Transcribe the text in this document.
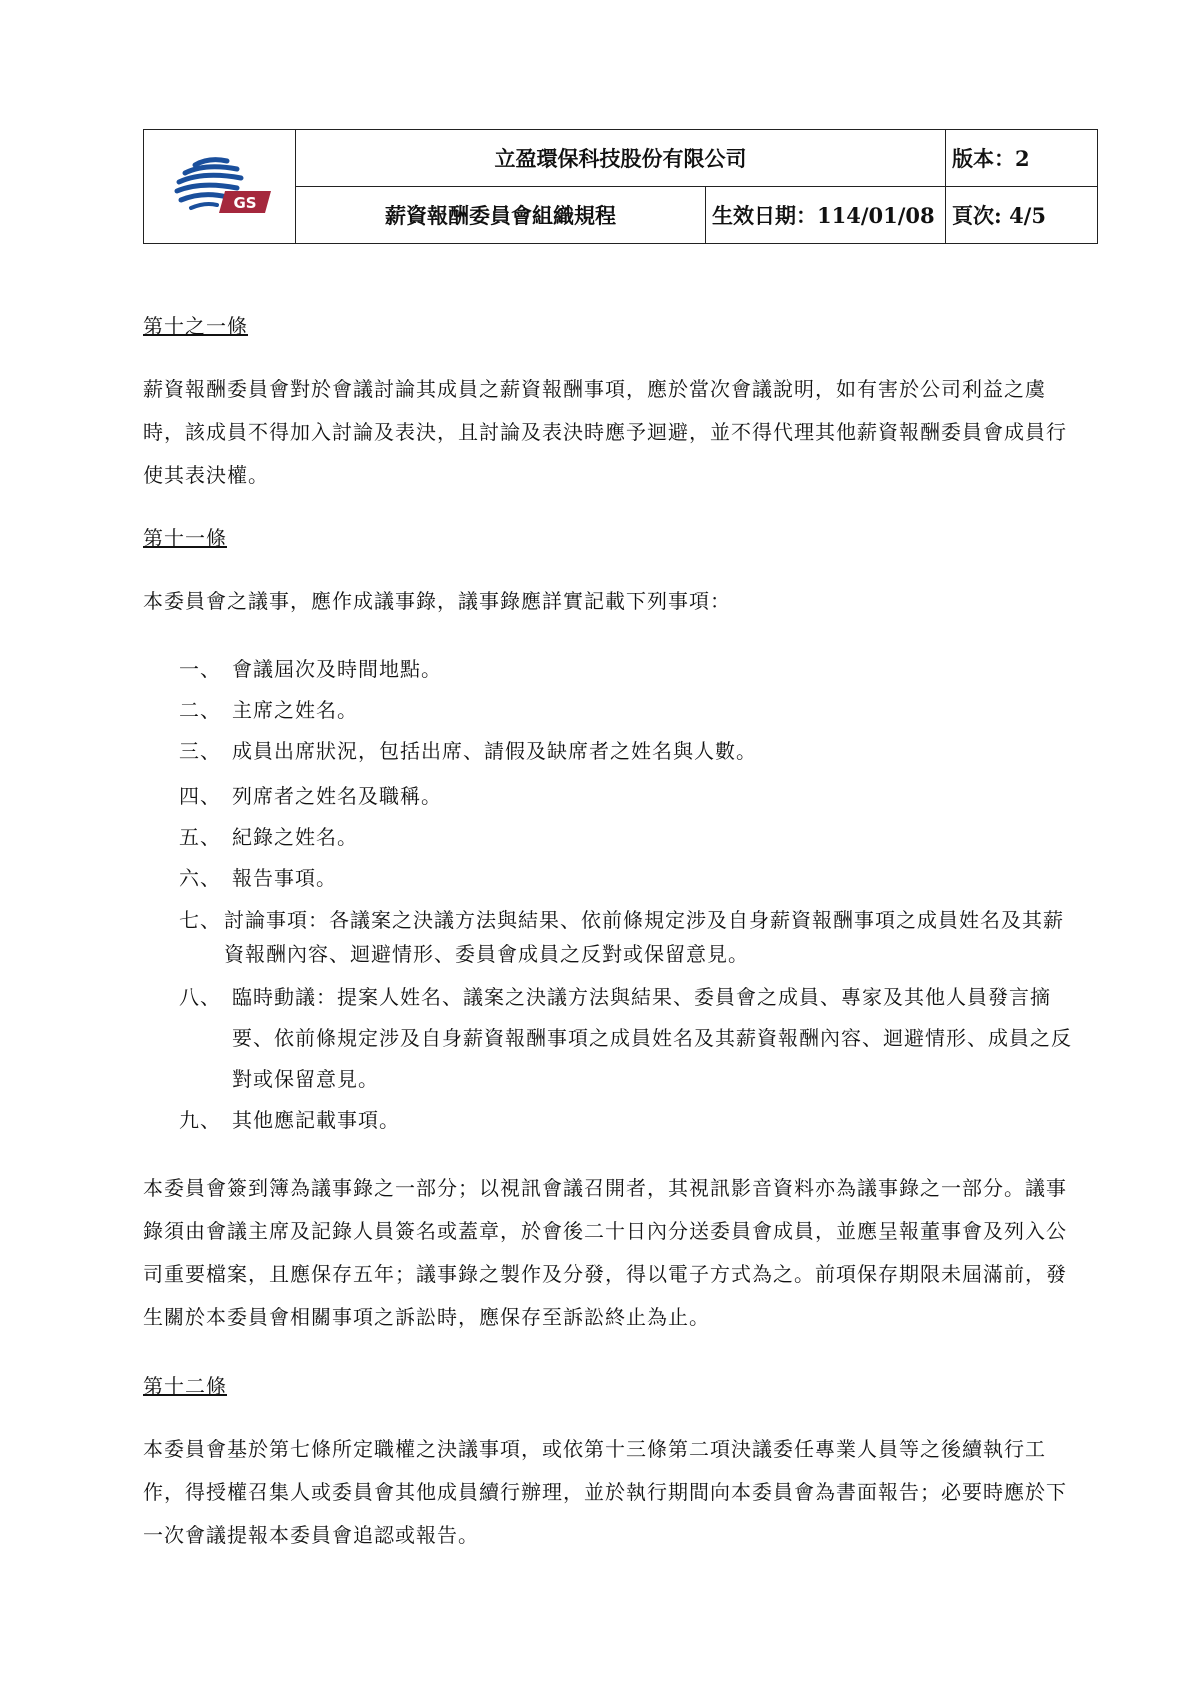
GS	立盈環保科技股份有限公司		版本：2
	薪資報酬委員會組織規程	生效日期：114/01/08	頁次: 4/5

第十之一條

薪資報酬委員會對於會議討論其成員之薪資報酬事項，應於當次會議說明，如有害於公司利益之虞時，該成員不得加入討論及表決，且討論及表決時應予迴避，並不得代理其他薪資報酬委員會成員行使其表決權。

第十一條

本委員會之議事，應作成議事錄，議事錄應詳實記載下列事項：

一、 會議屆次及時間地點。
二、 主席之姓名。
三、 成員出席狀況，包括出席、請假及缺席者之姓名與人數。
四、 列席者之姓名及職稱。
五、 紀錄之姓名。
六、 報告事項。
七、 討論事項：各議案之決議方法與結果、依前條規定涉及自身薪資報酬事項之成員姓名及其薪資報酬內容、迴避情形、委員會成員之反對或保留意見。
八、 臨時動議：提案人姓名、議案之決議方法與結果、委員會之成員、專家及其他人員發言摘要、依前條規定涉及自身薪資報酬事項之成員姓名及其薪資報酬內容、迴避情形、成員之反對或保留意見。
九、 其他應記載事項。

本委員會簽到簿為議事錄之一部分；以視訊會議召開者，其視訊影音資料亦為議事錄之一部分。議事錄須由會議主席及記錄人員簽名或蓋章，於會後二十日內分送委員會成員，並應呈報董事會及列入公司重要檔案，且應保存五年；議事錄之製作及分發，得以電子方式為之。前項保存期限未屆滿前，發生關於本委員會相關事項之訴訟時，應保存至訴訟終止為止。

第十二條

本委員會基於第七條所定職權之決議事項，或依第十三條第二項決議委任專業人員等之後續執行工作，得授權召集人或委員會其他成員續行辦理，並於執行期間向本委員會為書面報告；必要時應於下一次會議提報本委員會追認或報告。
